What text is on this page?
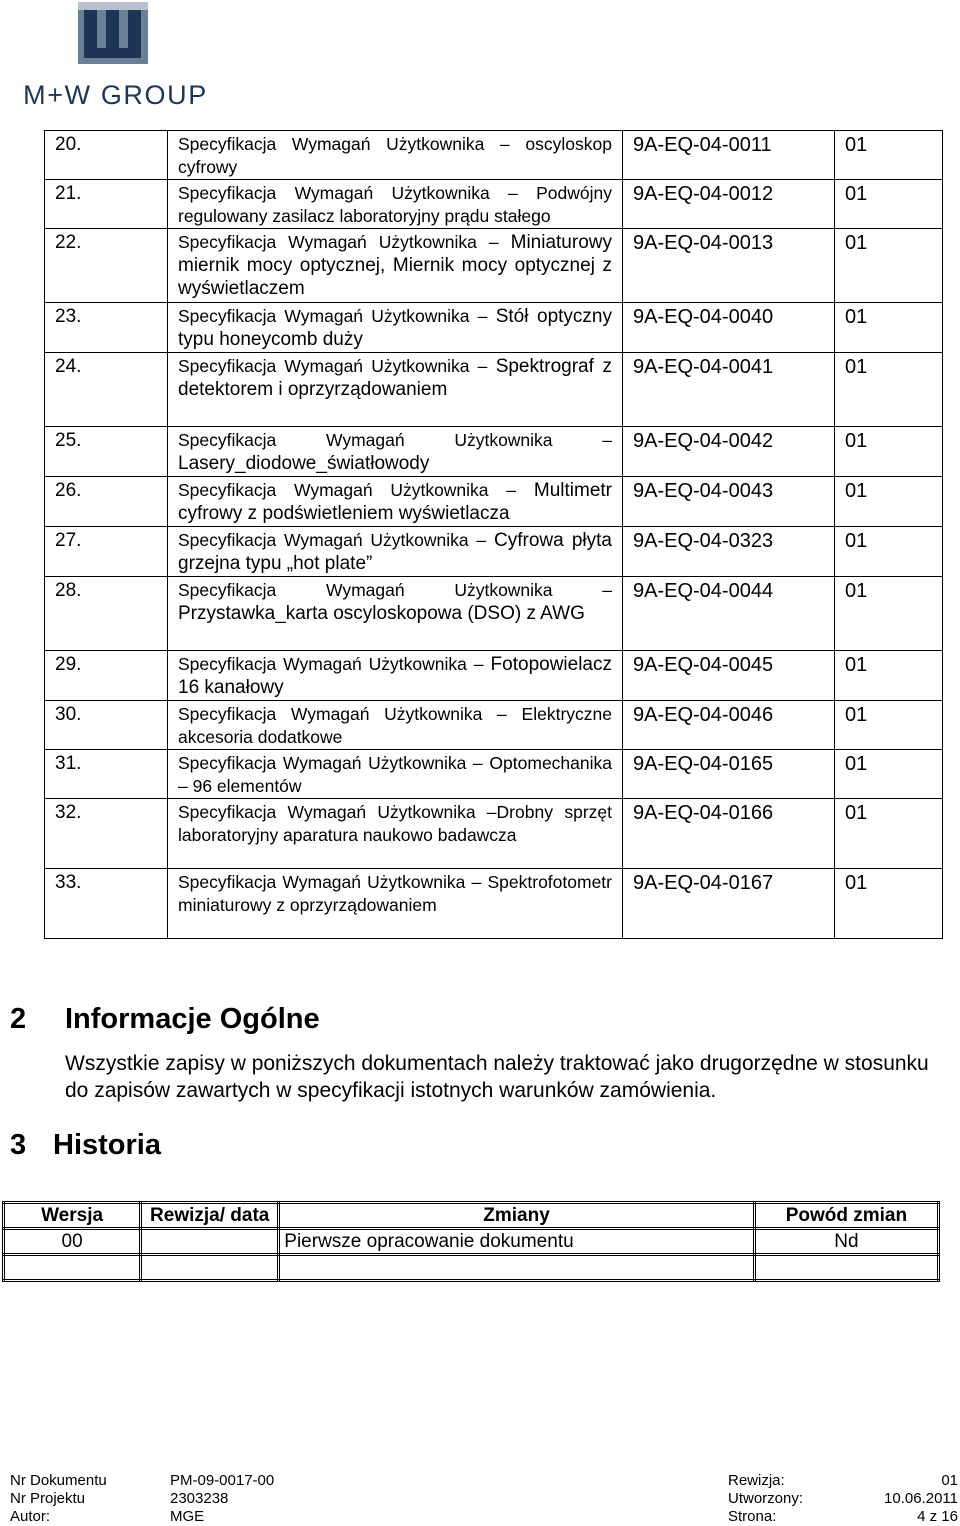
M+W GROUP
20.	Specyfikacja Wymagań Użytkownika – oscyloskop cyfrowy	9A-EQ-04-0011	01
21.	Specyfikacja Wymagań Użytkownika – Podwójny regulowany zasilacz laboratoryjny prądu stałego	9A-EQ-04-0012	01
22.	Specyfikacja Wymagań Użytkownika – Miniaturowy miernik mocy optycznej, Miernik mocy optycznej z wyświetlaczem	9A-EQ-04-0013	01
23.	Specyfikacja Wymagań Użytkownika – Stół optyczny typu honeycomb duży	9A-EQ-04-0040	01
24.	Specyfikacja Wymagań Użytkownika – Spektrograf z detektorem i oprzyrządowaniem	9A-EQ-04-0041	01
25.	Specyfikacja Wymagań Użytkownika – Lasery_diodowe_światłowody	9A-EQ-04-0042	01
26.	Specyfikacja Wymagań Użytkownika – Multimetr cyfrowy z podświetleniem wyświetlacza	9A-EQ-04-0043	01
27.	Specyfikacja Wymagań Użytkownika – Cyfrowa płyta grzejna typu „hot plate”	9A-EQ-04-0323	01
28.	Specyfikacja Wymagań Użytkownika – Przystawka_karta oscyloskopowa (DSO) z AWG	9A-EQ-04-0044	01
29.	Specyfikacja Wymagań Użytkownika – Fotopowielacz 16 kanałowy	9A-EQ-04-0045	01
30.	Specyfikacja Wymagań Użytkownika – Elektryczne akcesoria dodatkowe	9A-EQ-04-0046	01
31.	Specyfikacja Wymagań Użytkownika – Optomechanika – 96 elementów	9A-EQ-04-0165	01
32.	Specyfikacja Wymagań Użytkownika –Drobny sprzęt laboratoryjny aparatura naukowo badawcza	9A-EQ-04-0166	01
33.	Specyfikacja Wymagań Użytkownika – Spektrofotometr miniaturowy z oprzyrządowaniem	9A-EQ-04-0167	01
2 Informacje Ogólne
Wszystkie zapisy w poniższych dokumentach należy traktować jako drugorzędne w stosunku do zapisów zawartych w specyfikacji istotnych warunków zamówienia.
3 Historia
Wersja	Rewizja/ data	Zmiany	Powód zmian
00		Pierwsze opracowanie dokumentu	Nd

Nr Dokumentu	PM-09-0017-00	Rewizja:	01
Nr Projektu	2303238	Utworzony:	10.06.2011
Autor:	MGE	Strona:	4 z 16
